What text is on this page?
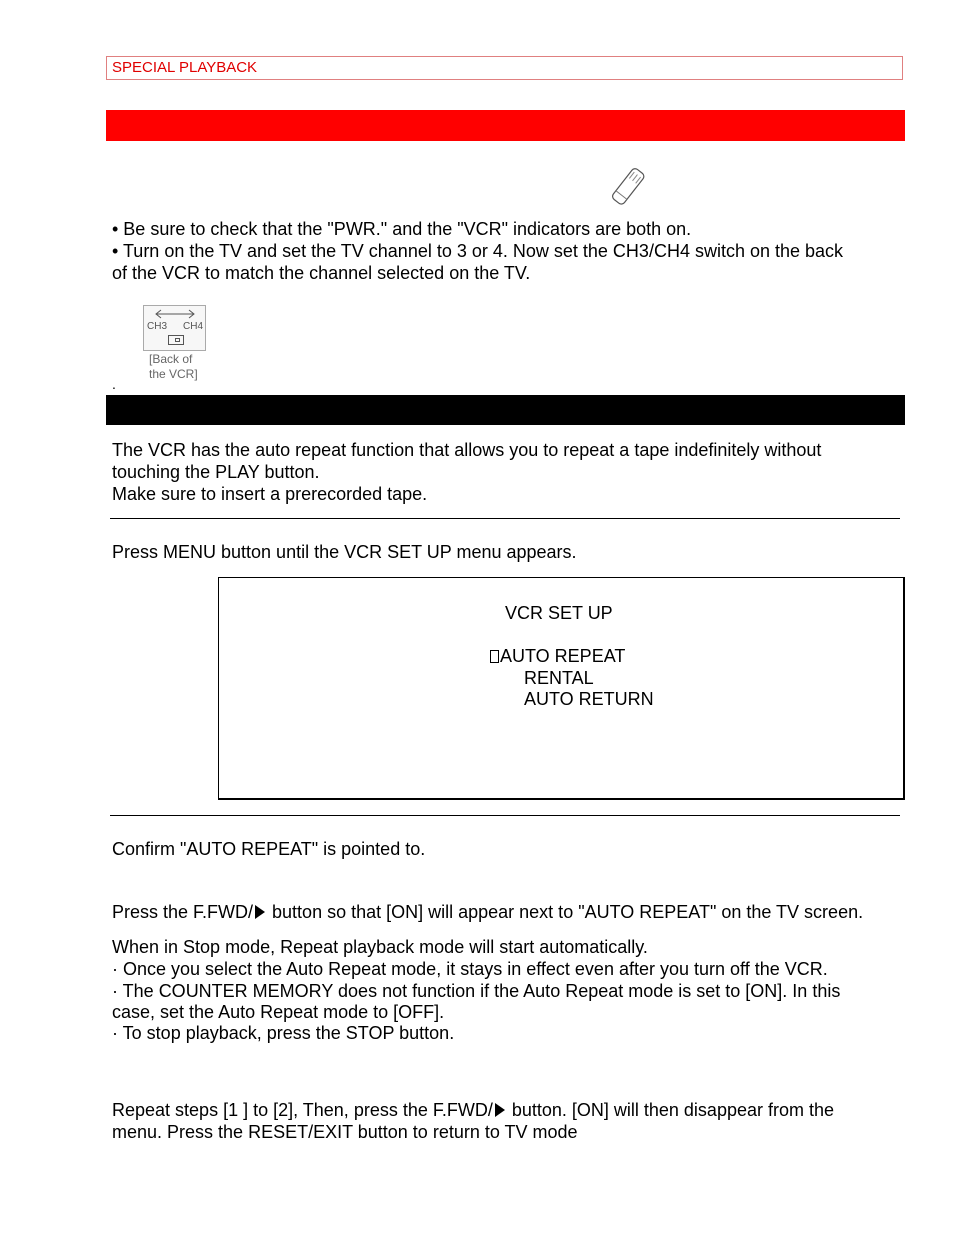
SPECIAL PLAYBACK
• Be sure to check that the "PWR." and the "VCR" indicators are both on.
• Turn on the TV and set the TV channel to 3 or 4. Now set the CH3/CH4 switch on the back
of the VCR to match the channel selected on the TV.
CH3 CH4
[Back of
the VCR]
.
The VCR has the auto repeat function that allows you to repeat a tape indefinitely without
touching the PLAY button.
Make sure to insert a prerecorded tape.
Press MENU button until the VCR SET UP menu appears.
VCR SET UP
AUTO REPEAT
RENTAL
AUTO RETURN
Confirm "AUTO REPEAT" is pointed to.
Press the F.FWD/ button so that [ON] will appear next to "AUTO REPEAT" on the TV screen.
When in Stop mode, Repeat playback mode will start automatically.
· Once you select the Auto Repeat mode, it stays in effect even after you turn off the VCR.
· The COUNTER MEMORY does not function if the Auto Repeat mode is set to [ON]. In this
case, set the Auto Repeat mode to [OFF].
· To stop playback, press the STOP button.
Repeat steps [1 ] to [2], Then, press the F.FWD/ button. [ON] will then disappear from the
menu. Press the RESET/EXIT button to return to TV mode
